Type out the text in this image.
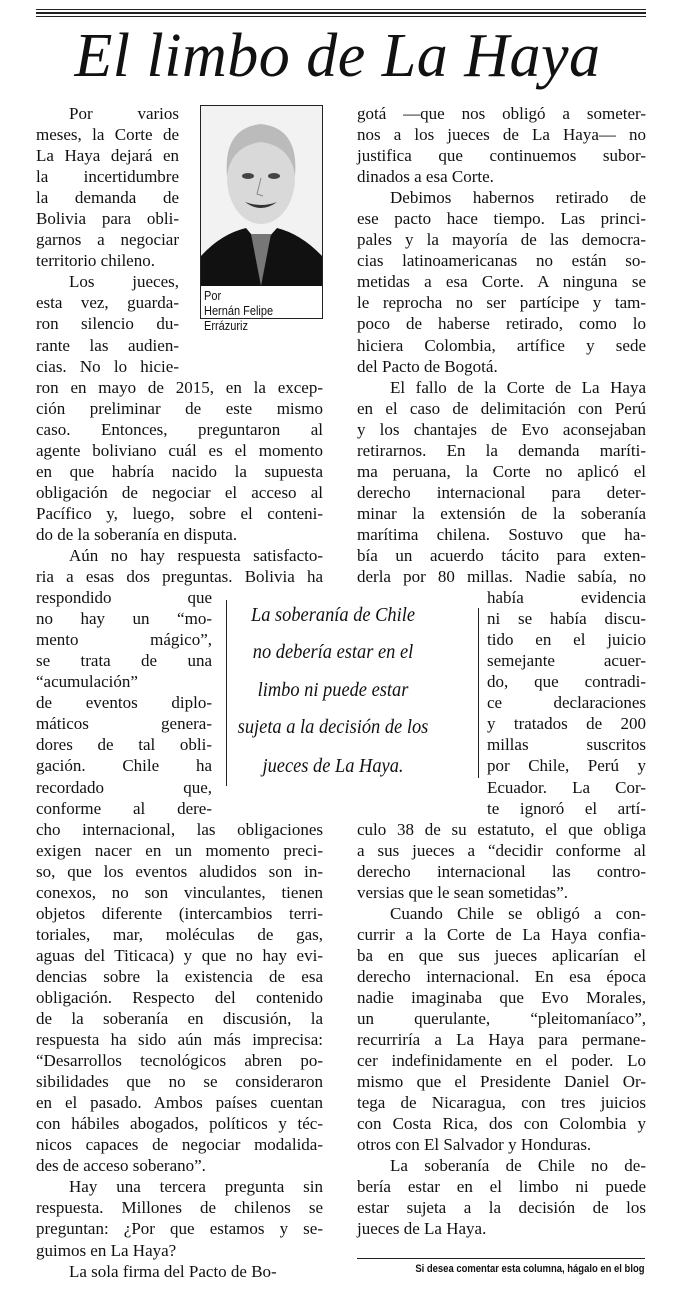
El limbo de La Haya
Por varios
meses, la Corte de
La Haya dejará en
la incertidumbre
la demanda de
Bolivia para obli-
garnos a negociar
territorio chileno.
Los jueces,
esta vez, guarda-
ron silencio du-
rante las audien-
cias. No lo hicie-
ron en mayo de 2015, en la excep-
ción preliminar de este mismo
caso. Entonces, preguntaron al
agente boliviano cuál es el momento
en que habría nacido la supuesta
obligación de negociar el acceso al
Pacífico y, luego, sobre el conteni-
do de la soberanía en disputa.
Aún no hay respuesta satisfacto-
ria a esas dos preguntas. Bolivia ha
respondido que
no hay un “mo-
mento mágico”,
se trata de una
“acumulación”
de eventos diplo-
máticos genera-
dores de tal obli-
gación. Chile ha
recordado que,
conforme al dere-
cho internacional, las obligaciones
exigen nacer en un momento preci-
so, que los eventos aludidos son in-
conexos, no son vinculantes, tienen
objetos diferente (intercambios terri-
toriales, mar, moléculas de gas,
aguas del Titicaca) y que no hay evi-
dencias sobre la existencia de esa
obligación. Respecto del contenido
de la soberanía en discusión, la
respuesta ha sido aún más imprecisa:
“Desarrollos tecnológicos abren po-
sibilidades que no se consideraron
en el pasado. Ambos países cuentan
con hábiles abogados, políticos y téc-
nicos capaces de negociar modalida-
des de acceso soberano”.
Hay una tercera pregunta sin
respuesta. Millones de chilenos se
preguntan: ¿Por que estamos y se-
guimos en La Haya?
La sola firma del Pacto de Bo-
gotá —que nos obligó a someter-
nos a los jueces de La Haya— no
justifica que continuemos subor-
dinados a esa Corte.
Debimos habernos retirado de
ese pacto hace tiempo. Las princi-
pales y la mayoría de las democra-
cias latinoamericanas no están so-
metidas a esa Corte. A ninguna se
le reprocha no ser partícipe y tam-
poco de haberse retirado, como lo
hiciera Colombia, artífice y sede
del Pacto de Bogotá.
El fallo de la Corte de La Haya
en el caso de delimitación con Perú
y los chantajes de Evo aconsejaban
retirarnos. En la demanda maríti-
ma peruana, la Corte no aplicó el
derecho internacional para deter-
minar la extensión de la soberanía
marítima chilena. Sostuvo que ha-
bía un acuerdo tácito para exten-
derla por 80 millas. Nadie sabía, no
había evidencia
ni se había discu-
tido en el juicio
semejante acuer-
do, que contradi-
ce declaraciones
y tratados de 200
millas suscritos
por Chile, Perú y
Ecuador. La Cor-
te ignoró el artí-
culo 38 de su estatuto, el que obliga
a sus jueces a “decidir conforme al
derecho internacional las contro-
versias que le sean sometidas”.
Cuando Chile se obligó a con-
currir a la Corte de La Haya confia-
ba en que sus jueces aplicarían el
derecho internacional. En esa época
nadie imaginaba que Evo Morales,
un querulante, “pleitomaníaco”,
recurriría a La Haya para permane-
cer indefinidamente en el poder. Lo
mismo que el Presidente Daniel Or-
tega de Nicaragua, con tres juicios
con Costa Rica, dos con Colombia y
otros con El Salvador y Honduras.
La soberanía de Chile no de-
bería estar en el limbo ni puede
estar sujeta a la decisión de los
jueces de La Haya.
Por
Hernán Felipe
Errázuriz
La soberanía de Chile
no debería estar en el
limbo ni puede estar
sujeta a la decisión de los
jueces de La Haya.
Si desea comentar esta columna, hágalo en el blog
